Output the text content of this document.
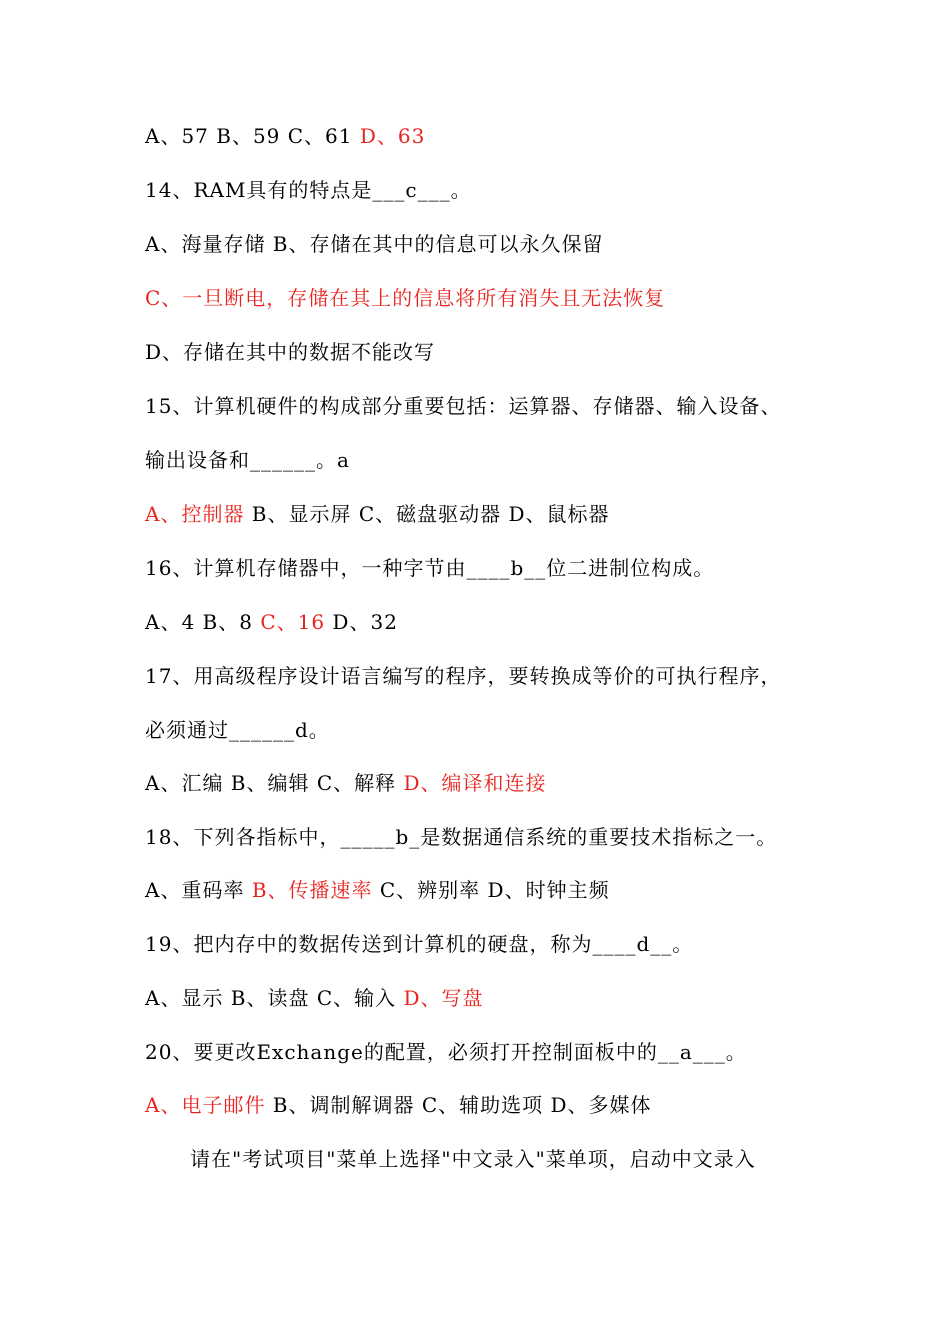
A、57 B、59 C、61 D、63
14、RAM具有的特点是___c___。
A、海量存储 B、存储在其中的信息可以永久保留
C、一旦断电，存储在其上的信息将所有消失且无法恢复
D、存储在其中的数据不能改写
15、计算机硬件的构成部分重要包括：运算器、存储器、输入设备、
输出设备和______。a
A、控制器 B、显示屏 C、磁盘驱动器 D、鼠标器
16、计算机存储器中，一种字节由____b__位二进制位构成。
A、4 B、8 C、16 D、32
17、用高级程序设计语言编写的程序，要转换成等价的可执行程序，
必须通过______d。
A、汇编 B、编辑 C、解释 D、编译和连接
18、下列各指标中，_____b_是数据通信系统的重要技术指标之一。
A、重码率 B、传播速率 C、辨别率 D、时钟主频
19、把内存中的数据传送到计算机的硬盘，称为____d__。
A、显示 B、读盘 C、输入 D、写盘
20、要更改Exchange的配置，必须打开控制面板中的__a___。
A、电子邮件 B、调制解调器 C、辅助选项 D、多媒体
请在"考试项目"菜单上选择"中文录入"菜单项，启动中文录入
